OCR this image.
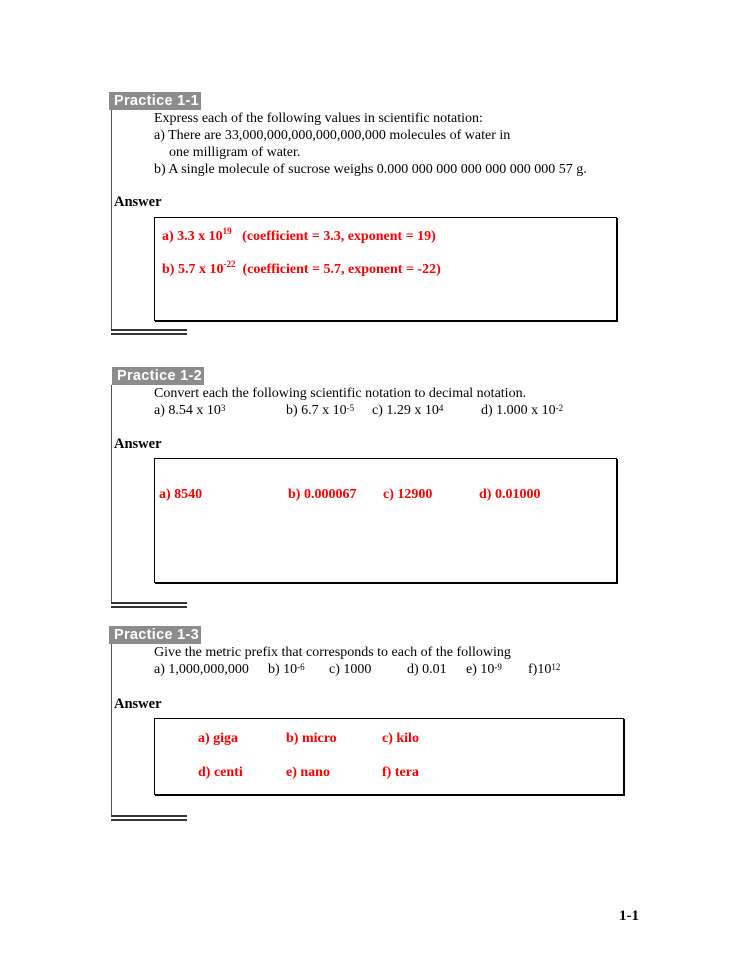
Practice 1-1
Express each of the following values in scientific notation:
a) There are 33,000,000,000,000,000,000 molecules of water in
one milligram of water.
b) A single molecule of sucrose weighs 0.000 000 000 000 000 000 000 57 g.
Answer
a) 3.3 x $10^{19}$ (coefficient = 3.3, exponent = 19)
b) 5.7 x $10^{-22}$ (coefficient = 5.7, exponent = -22)
Practice 1-2
Convert each the following scientific notation to decimal notation.
a) 8.54 x $10^3$	b) 6.7 x $10^{-5}$ c) 1.29 x $10^4$	d) 1.000 x $10^{-2}$
Answer
a) 8540	b) 0.000067 c) 12900	d) 0.01000
Practice 1-3
Give the metric prefix that corresponds to each of the following
a) 1,000,000,000 b) $10^{-6}$ c) 1000	d) 0.01 e) $10^{-9}$ $f)10^{12}$
Answer
a) giga	b) micro	c) kilo
d) centi	e) nano	f) tera
1-1
